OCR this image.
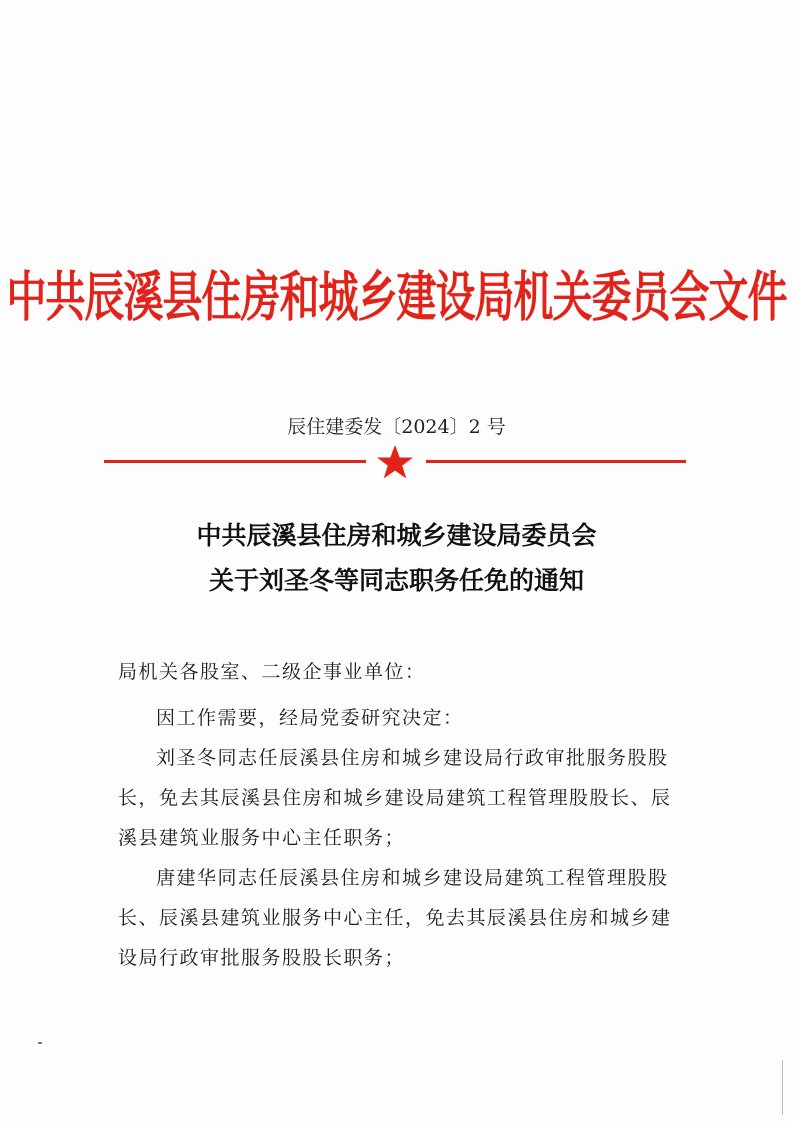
中共辰溪县住房和城乡建设局机关委员会文件
辰住建委发〔2024〕2 号
中共辰溪县住房和城乡建设局委员会
关于刘圣冬等同志职务任免的通知
局机关各股室、二级企事业单位：
因工作需要，经局党委研究决定：
刘圣冬同志任辰溪县住房和城乡建设局行政审批服务股股长，免去其辰溪县住房和城乡建设局建筑工程管理股股长、辰溪县建筑业服务中心主任职务；
唐建华同志任辰溪县住房和城乡建设局建筑工程管理股股长、辰溪县建筑业服务中心主任，免去其辰溪县住房和城乡建设局行政审批服务股股长职务；
